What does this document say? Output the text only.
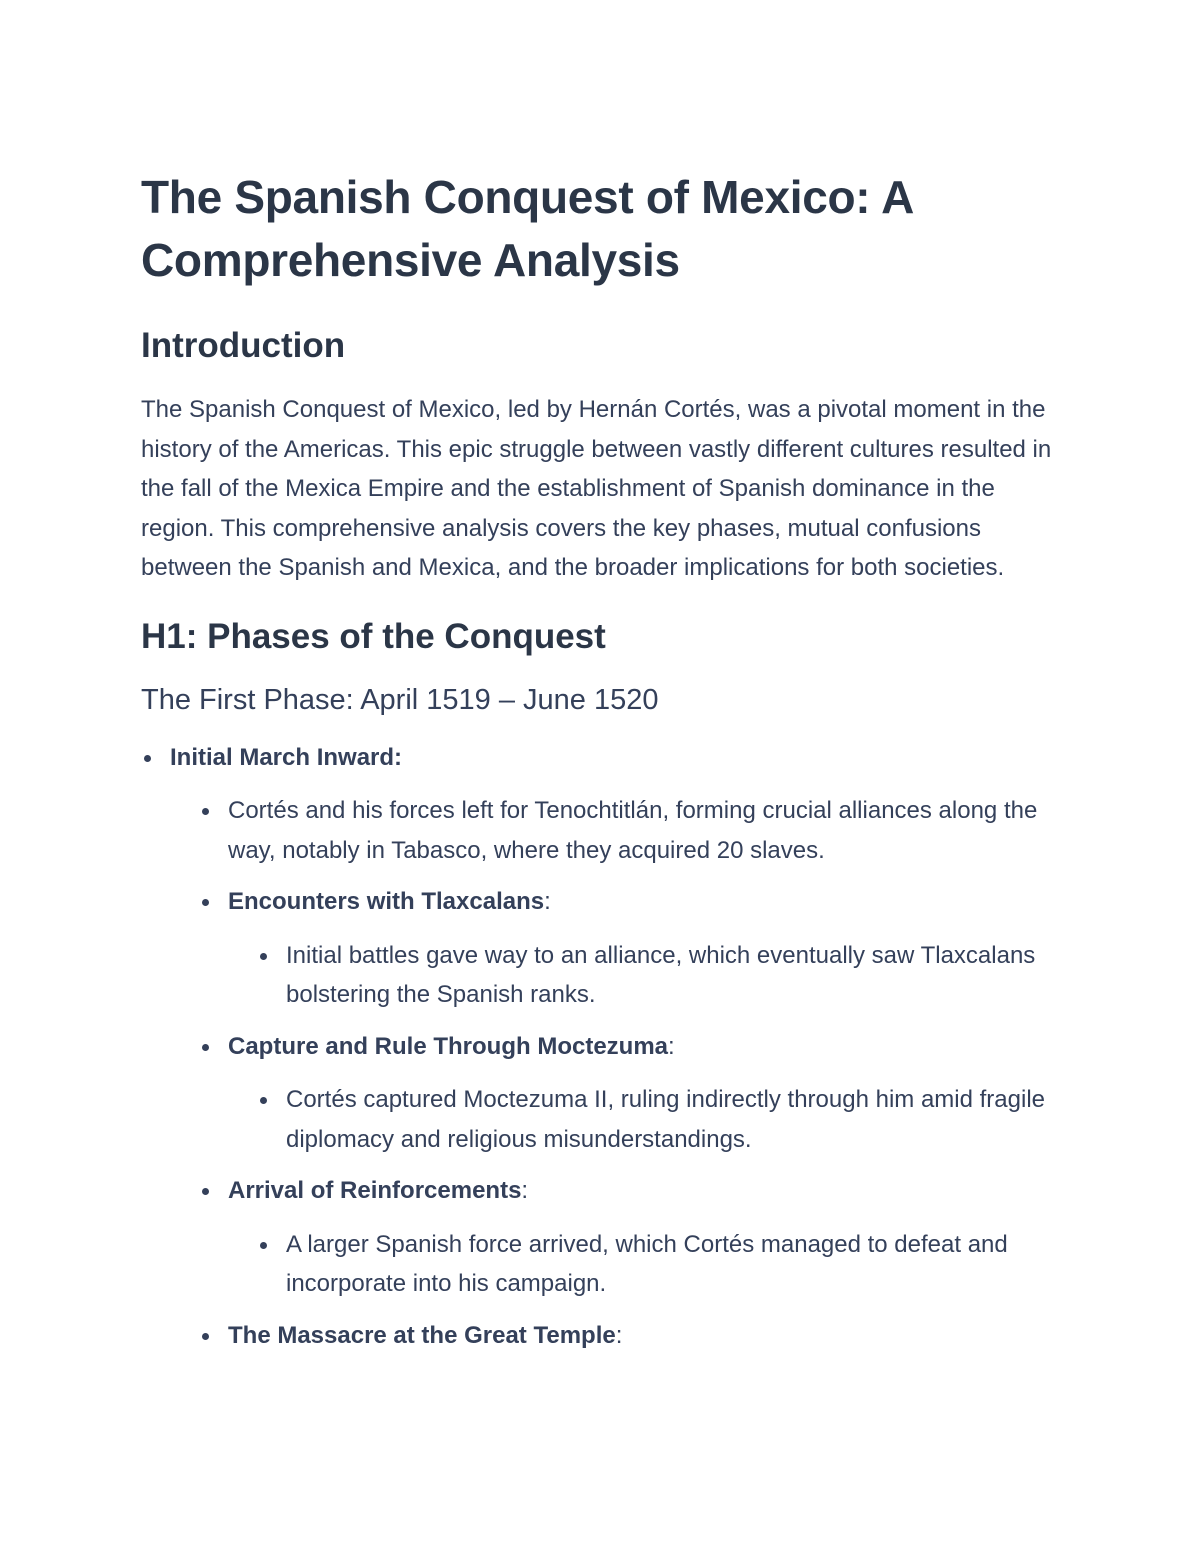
The Spanish Conquest of Mexico: A Comprehensive Analysis
Introduction

The Spanish Conquest of Mexico, led by Hernán Cortés, was a pivotal moment in the history of the Americas. This epic struggle between vastly different cultures resulted in the fall of the Mexica Empire and the establishment of Spanish dominance in the region. This comprehensive analysis covers the key phases, mutual confusions between the Spanish and Mexica, and the broader implications for both societies.

H1: Phases of the Conquest
The First Phase: April 1519 – June 1520
Initial March Inward:
Cortés and his forces left for Tenochtitlán, forming crucial alliances along the way, notably in Tabasco, where they acquired 20 slaves.
Encounters with Tlaxcalans:
Initial battles gave way to an alliance, which eventually saw Tlaxcalans bolstering the Spanish ranks.
Capture and Rule Through Moctezuma:
Cortés captured Moctezuma II, ruling indirectly through him amid fragile diplomacy and religious misunderstandings.
Arrival of Reinforcements:
A larger Spanish force arrived, which Cortés managed to defeat and incorporate into his campaign.
The Massacre at the Great Temple:
